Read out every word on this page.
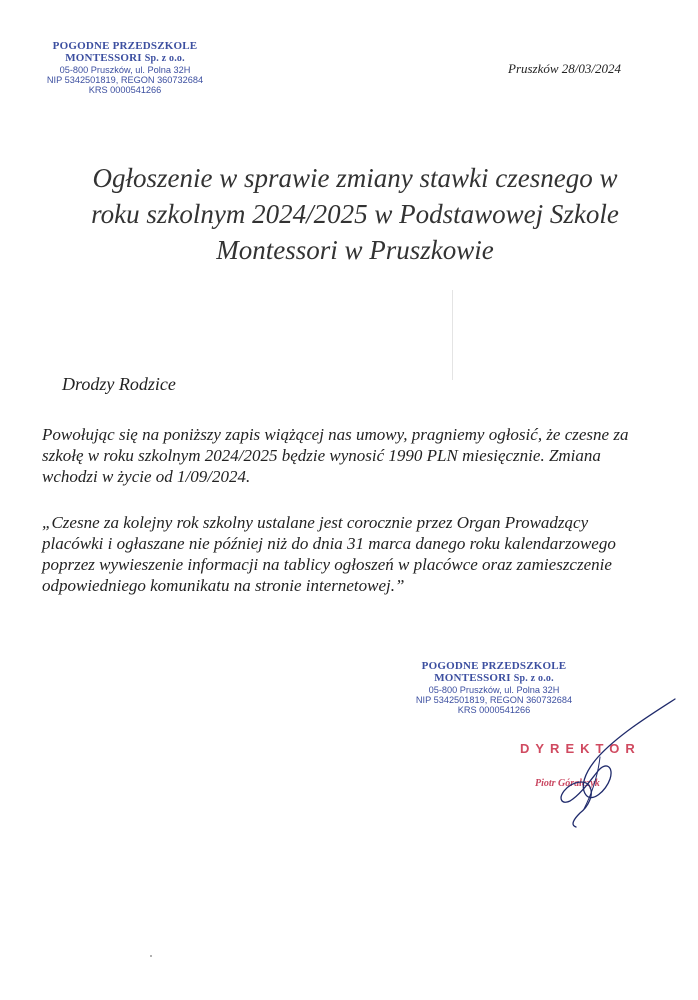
POGODNE PRZEDSZKOLE
MONTESSORI Sp. z o.o.
05-800 Pruszków, ul. Polna 32H
NIP 5342501819, REGON 360732684
KRS 0000541266
Pruszków 28/03/2024
Ogłoszenie w sprawie zmiany stawki czesnego w roku szkolnym 2024/2025 w Podstawowej Szkole Montessori w Pruszkowie
Drodzy Rodzice
Powołując się na poniższy zapis wiążącej nas umowy, pragniemy ogłosić, że czesne za szkołę w roku szkolnym 2024/2025 będzie wynosić 1990 PLN miesięcznie. Zmiana wchodzi w życie od 1/09/2024.
„Czesne za kolejny rok szkolny ustalane jest corocznie przez Organ Prowadzący placówki i ogłaszane nie później niż do dnia 31 marca danego roku kalendarzowego poprzez wywieszenie informacji na tablicy ogłoszeń w placówce oraz zamieszczenie odpowiedniego komunikatu na stronie internetowej.”
POGODNE PRZEDSZKOLE
MONTESSORI Sp. z o.o.
05-800 Pruszków, ul. Polna 32H
NIP 5342501819, REGON 360732684
KRS 0000541266
DYREKTOR
Piotr Górałczyk
